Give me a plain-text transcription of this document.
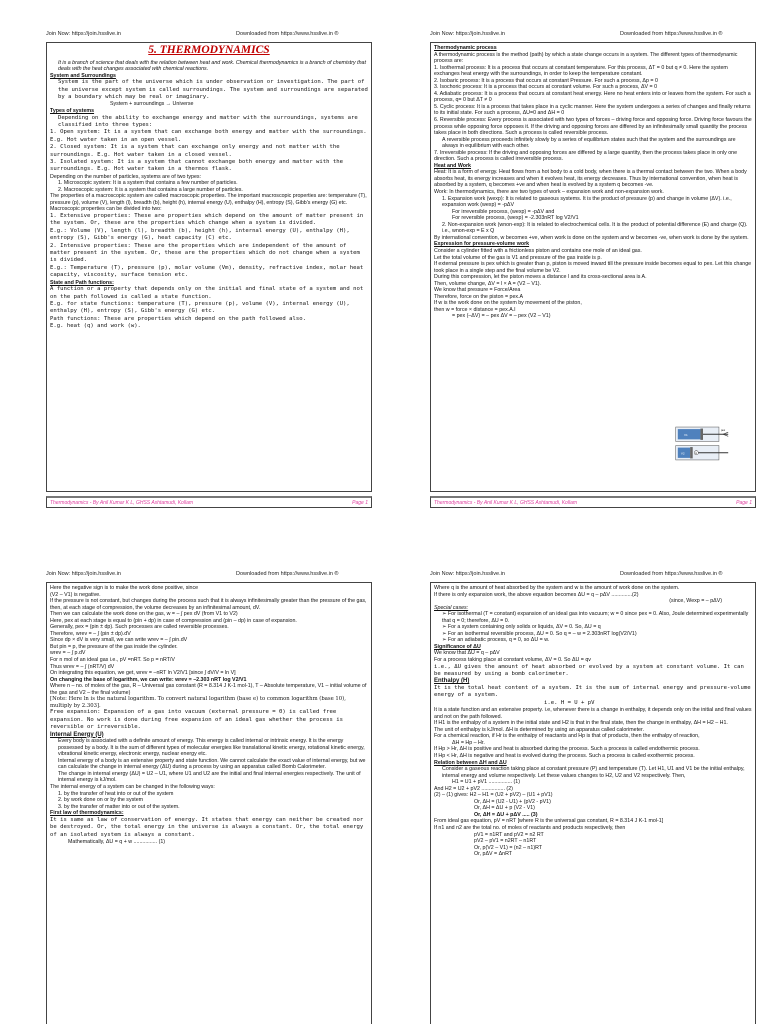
Join Now: https://join.hsslive.in	Downloaded from https://www.hsslive.in ®
5. THERMODYNAMICS

It is a branch of science that deals with the relation between heat and work. Chemical thermodynamics is a branch of chemistry that deals with the heat changes associated with chemical reactions.

System and Surroundings

System is the part of the universe which is under observation or investigation. The part of the universe except system is called surroundings. The system and surroundings are separated by a boundary which may be real or imaginary.

System + surroundings → Universe

Types of systems

Depending on the ability to exchange energy and matter with the surroundings, systems are classified into three types:

1. Open system: It is a system that can exchange both energy and matter with the surroundings. E.g. Hot water taken in an open vessel.

2. Closed system: It is a system that can exchange only energy and not matter with the surroundings. E.g. Hot water taken in a closed vessel.

3. Isolated system: It is a system that cannot exchange both energy and matter with the surroundings. E.g. Hot water taken in a thermos flask.

Depending on the number of particles, systems are of two types:

1. Microscopic system: It is a system that contains a few number of particles.

2. Macroscopic system: It is a system that contains a large number of particles.

The properties of a macroscopic system are called macroscopic properties. The important macroscopic properties are: temperature (T), pressure (p), volume (V), length (l), breadth (b), height (h), internal energy (U), enthalpy (H), entropy (S), Gibb's energy (G) etc.

Macroscopic properties can be divided into two:

1. Extensive properties: These are properties which depend on the amount of matter present in the system. Or, these are the properties which change when a system is divided.

E.g.: Volume (V), length (l), breadth (b), height (h), internal energy (U), enthalpy (H), entropy (S), Gibb's energy (G), heat capacity (C) etc.

2. Intensive properties: These are the properties which are independent of the amount of matter present in the system. Or, these are the properties which do not change when a system is divided.

E.g.: Temperature (T), pressure (p), molar volume (Vm), density, refractive index, molar heat capacity, viscosity, surface tension etc.

State and Path functions:

A function or a property that depends only on the initial and final state of a system and not on the path followed is called a state function.

E.g. for state functions: temperature (T), pressure (p), volume (V), internal energy (U), enthalpy (H), entropy (S), Gibb's energy (G) etc.

Path functions: These are properties which depend on the path followed also.

E.g. heat (q) and work (w).

Thermodynamics - By Anil Kumar K L, GHSS Ashtamudi, Kollam	Page 1
Join Now: https://join.hsslive.in	Downloaded from https://www.hsslive.in ®

Thermodynamic process

A thermodynamic process is the method (path) by which a state change occurs in a system. The different types of thermodynamic process are:

1. Isothermal process: It is a process that occurs at constant temperature. For this process, ΔT = 0 but q ≠ 0. Here the system exchanges heat energy with the surroundings, in order to keep the temperature constant.

2. Isobaric process: It is a process that occurs at constant Pressure. For such a process, Δp = 0

3. Isochoric process: It is a process that occurs at constant volume. For such a process, ΔV = 0

4. Adiabatic process: It is a process that occurs at constant heat energy. Here no heat enters into or leaves from the system. For such a process, q= 0 but ΔT ≠ 0

5. Cyclic process: It is a process that takes place in a cyclic manner. Here the system undergoes a series of changes and finally returns to its initial state. For such a process, ΔU=0 and ΔH = 0

6. Reversible process: Every process is associated with two types of forces – driving force and opposing force. Driving force favours the process while opposing force opposes it. If the driving and opposing forces are differed by an infinitesimally small quantity the process takes place in both directions. Such a process is called reversible process.

A reversible process proceeds infinitely slowly by a series of equilibrium states such that the system and the surroundings are always in equilibrium with each other.

7. Irreversible process: If the driving and opposing forces are differed by a large quantity, then the process takes place in only one direction. Such a process is called irreversible process.

Heat and Work

Heat: It is a form of energy. Heat flows from a hot body to a cold body, when there is a thermal contact between the two. When a body absorbs heat, its energy increases and when it evolves heat, its energy decreases. Thus by international convention, when heat is absorbed by a system, q becomes +ve and when heat is evolved by a system q becomes -ve.

Work: In thermodynamics, there are two types of work – expansion work and non-expansion work.

1. Expansion work (wexp): It is related to gaseous systems. It is the product of pressure (p) and change in volume (ΔV). i.e., expansion work (wexp) = -pΔV

For irreversible process, (wexp) = -pΔV and

For reversible process, (wexp) = -2.303nRT log V2/V1

2. Non-expansion work (wnon-exp): It is related to electrochemical cells. It is the product of potential difference (E) and charge (Q). i.e., wnon-exp = E x Q

By international convention, w becomes +ve, when work is done on the system and w becomes -ve, when work is done by the system.

Expression for pressure-volume work

Consider a cylinder fitted with a frictionless piston and contains one mole of an ideal gas.

Let the total volume of the gas is V1 and pressure of the gas inside is p.

If external pressure is pex which is greater than p, piston is moved inward till the pressure inside becomes equal to pex. Let this change took place in a single step and the final volume be V2.

During this compression, let the piston moves a distance l and its cross-sectional area is A.

Then, volume change, ΔV = l × A = (V2 – V1).

We know that pressure = Force/Area

Therefore, force on the piston = pex.A

If w is the work done on the system by movement of the piston,

then w = force × distance = pex.A.l

= pex (–ΔV) = – pex ΔV = – pex (V2 – V1)

V1
pex
V2 A
Thermodynamics - By Anil Kumar K L, GHSS Ashtamudi, Kollam	Page 1
Join Now: https://join.hsslive.in	Downloaded from https://www.hsslive.in ®

Here the negative sign is to make the work done positive, since

(V2 – V1) is negative.

If the pressure is not constant, but changes during the process such that it is always infinitesimally greater than the pressure of the gas, then, at each stage of compression, the volume decreases by an infinitesimal amount, dV.

Then we can calculate the work done on the gas, w = – ∫ pex dV (from V1 to V2)

Here, pex at each stage is equal to (pin + dp) in case of compression and (pin – dp) in case of expansion.

Generally, pex = (pin ± dp). Such processes are called reversible processes.

Therefore, wrev = – ∫ (pin ± dp).dV

Since dp × dV is very small, we can write wrev = – ∫ pin.dV

But pin = p, the pressure of the gas inside the cylinder.

wrev = – ∫ p.dV

For n mol of an ideal gas i.e., pV =nRT. So p = nRT/V

Thus wrev = – ∫ (nRT/V) dV

On integrating this equation, we get, wrev = –nRT ln V2/V1 [since ∫ dV/V = ln V]

On changing the base of logarithm, we can write: wrev = –2.303 nRT log V2/V1

Where n – no. of moles of the gas, R – Universal gas constant (R = 8.314 J K-1 mol-1), T – Absolute temperature, V1 – initial volume of the gas and V2 – the final volume)

[Note: Here ln is the natural logarithm. To convert natural logarithm (base e) to common logarithm (base 10), multiply by 2.303].

Free expansion: Expansion of a gas into vacuum (external pressure = 0) is called free expansion. No work is done during free expansion of an ideal gas whether the process is reversible or irreversible.

Internal Energy (U)

Every body is associated with a definite amount of energy. This energy is called internal or intrinsic energy. It is the energy possessed by a body. It is the sum of different types of molecular energies like translational kinetic energy, rotational kinetic energy, vibrational kinetic energy, electronic energy, nuclear energy etc.

Internal energy of a body is an extensive property and state function. We cannot calculate the exact value of internal energy, but we can calculate the change in internal energy (ΔU) during a process by using an apparatus called Bomb Calorimeter.

The change in internal energy (ΔU) = U2 – U1, where U1 and U2 are the initial and final internal energies respectively. The unit of internal energy is kJ/mol.

The internal energy of a system can be changed in the following ways:

1. by the transfer of heat into or out of the system

2. by work done on or by the system

3. by the transfer of matter into or out of the system.

First law of thermodynamics:

It is same as law of conservation of energy. It states that energy can neither be created nor be destroyed. Or, the total energy in the universe is always a constant. Or, the total energy of an isolated system is always a constant.

Mathematically, ΔU = q + w ................ (1)

Join Now: https://join.hsslive.in	Downloaded from https://www.hsslive.in ®

Where q is the amount of heat absorbed by the system and w is the amount of work done on the system.

If there is only expansion work, the above equation becomes ΔU = q – pΔV ..............(2)

(since, Wexp = – pΔV)

Special cases:

➢ For isothermal (T = constant) expansion of an ideal gas into vacuum; w = 0 since pex = 0. Also, Joule determined experimentally that q = 0; therefore, ΔU = 0.

➢ For a system containing only solids or liquids, ΔV = 0. So, ΔU = q

➢ For an isothermal reversible process, ΔU = 0. So q = – w = 2.303nRT log(V2/V1)

➢ For an adiabatic process, q = 0, so ΔU = w.

Significance of ΔU

We know that ΔU = q – pΔV

For a process taking place at constant volume, ΔV = 0. So ΔU = qv

i.e., ΔU gives the amount of heat absorbed or evolved by a system at constant volume. It can be measured by using a bomb calorimeter.

Enthalpy (H)

It is the total heat content of a system. It is the sum of internal energy and pressure-volume energy of a system.

i.e. H = U + pV

It is a state function and an extensive property. i.e, whenever there is a change in enthalpy, it depends only on the initial and final values and not on the path followed.

If H1 is the enthalpy of a system in the initial state and H2 is that in the final state, then the change in enthalpy, ΔH = H2 – H1.

The unit of enthalpy is kJ/mol. ΔH is determined by using an apparatus called calorimeter.

For a chemical reaction, if Hr is the enthalpy of reactants and Hp is that of products, then the enthalpy of reaction,

ΔH = Hp – Hr.

If Hp > Hr, ΔH is positive and heat is absorbed during the process. Such a process is called endothermic process.

If Hp < Hr, ΔH is negative and heat is evolved during the process. Such a process is called exothermic process.

Relation between ΔH and ΔU

Consider a gaseous reaction taking place at constant pressure (P) and temperature (T). Let H1, U1 and V1 be the initial enthalpy, internal energy and volume respectively. Let these values changes to H2, U2 and V2 respectively. Then,

H1 = U1 + pV1 ................ (1)

And H2 = U2 + pV2 ................ (2)

(2) – (1) gives: H2 – H1 = (U2 + pV2) – (U1 + pV1)

Or, ΔH = (U2 - U1) + (pV2 - pV1)

Or, ΔH = ΔU + p (V2 - V1)

Or, ΔH = ΔU + pΔV ..... (3)

From ideal gas equation, pV = nRT [where R is the universal gas constant, R = 8.314 J K-1 mol-1]

If n1 and n2 are the total no. of moles of reactants and products respectively, then

pV1 = n1RT and pV2 = n2 RT

pV2 – pV1 = n2RT – n1RT

Or, p(V2 – V1) = (n2 – n1)RT

Or, pΔV = ΔnRT
